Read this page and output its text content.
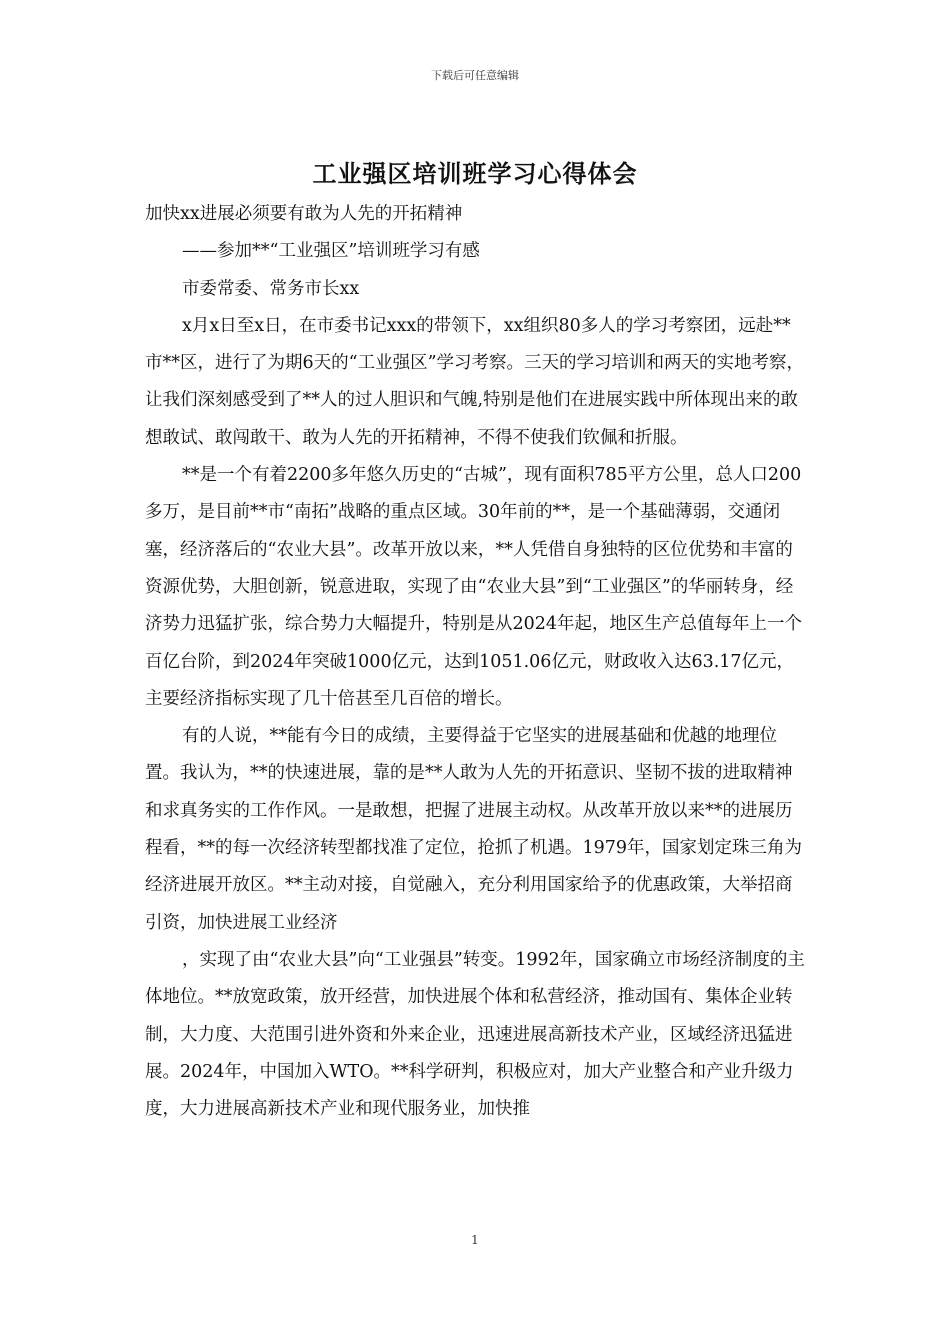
下载后可任意编辑
工业强区培训班学习心得体会

加快xx进展必须要有敢为人先的开拓精神

——参加**“工业强区”培训班学习有感

市委常委、常务市长xx

x月x日至x日，在市委书记xxx的带领下，xx组织80多人的学习考察团，远赴**市**区，进行了为期6天的“工业强区”学习考察。三天的学习培训和两天的实地考察，让我们深刻感受到了**人的过人胆识和气魄,特别是他们在进展实践中所体现出来的敢想敢试、敢闯敢干、敢为人先的开拓精神，不得不使我们钦佩和折服。

**是一个有着2200多年悠久历史的“古城”，现有面积785平方公里，总人口200多万，是目前**市“南拓”战略的重点区域。30年前的**，是一个基础薄弱，交通闭塞，经济落后的“农业大县”。改革开放以来，**人凭借自身独特的区位优势和丰富的资源优势，大胆创新，锐意进取，实现了由“农业大县”到“工业强区”的华丽转身，经济势力迅猛扩张，综合势力大幅提升，特别是从2024年起，地区生产总值每年上一个百亿台阶，到2024年突破1000亿元，达到1051.06亿元，财政收入达63.17亿元，主要经济指标实现了几十倍甚至几百倍的增长。

有的人说，**能有今日的成绩，主要得益于它坚实的进展基础和优越的地理位置。我认为，**的快速进展，靠的是**人敢为人先的开拓意识、坚韧不拔的进取精神和求真务实的工作作风。一是敢想，把握了进展主动权。从改革开放以来**的进展历程看，**的每一次经济转型都找准了定位，抢抓了机遇。1979年，国家划定珠三角为经济进展开放区。**主动对接，自觉融入，充分利用国家给予的优惠政策，大举招商引资，加快进展工业经济

，实现了由“农业大县”向“工业强县”转变。1992年，国家确立市场经济制度的主体地位。**放宽政策，放开经营，加快进展个体和私营经济，推动国有、集体企业转制，大力度、大范围引进外资和外来企业，迅速进展高新技术产业，区域经济迅猛进展。2024年，中国加入WTO。**科学研判，积极应对，加大产业整合和产业升级力度，大力进展高新技术产业和现代服务业，加快推

1
